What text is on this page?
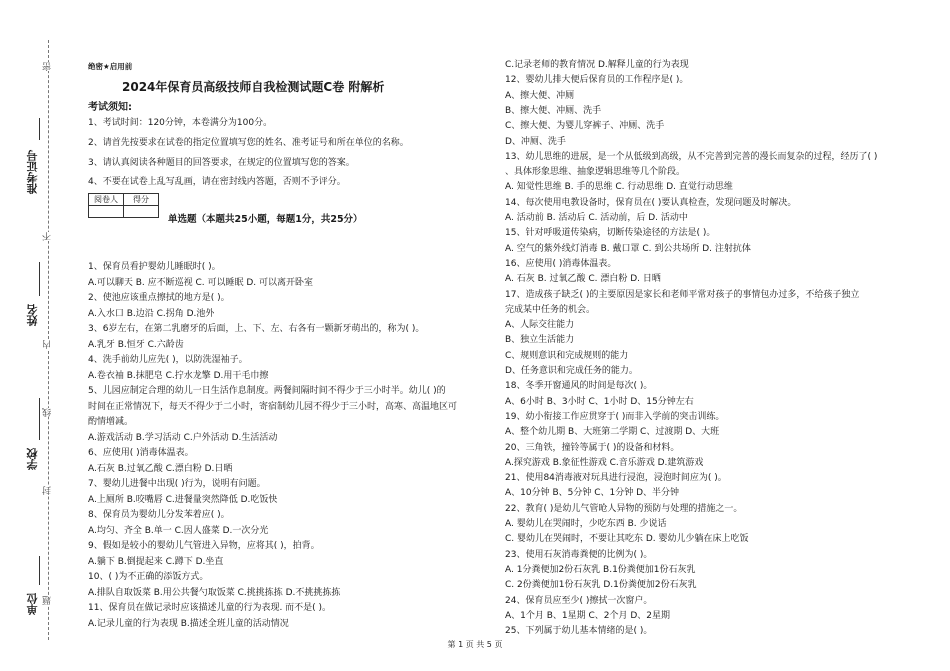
准考证号
姓名
学校
单位
密
不
内
线
封
题
绝密★启用前
2024年保育员高级技师自我检测试题C卷 附解析
考试须知:
1、考试时间：120分钟，本卷满分为100分。
2、请首先按要求在试卷的指定位置填写您的姓名、准考证号和所在单位的名称。
3、请认真阅读各种题目的回答要求，在规定的位置填写您的答案。
4、不要在试卷上乱写乱画，请在密封线内答题，否则不予评分。
阅卷人	得分

单选题（本题共25小题，每题1分，共25分）
1、保育员看护婴幼儿睡眠时( )。
A.可以聊天 B. 应不断巡视 C. 可以睡眠 D. 可以离开卧室
2、使池应该重点擦拭的地方是( )。
A.入水口 B.边沿 C.拐角 D.池外
3、6岁左右，在第二乳磨牙的后面，上、下、左、右各有一颗新牙萌出的，称为( )。
A.乳牙 B.恒牙 C.六龄齿
4、洗手前幼儿应先( )，以防洗湿袖子。
A.卷衣袖 B.抹肥皂 C.拧水龙擎 D.用干毛巾擦
5、儿园应制定合理的幼儿一日生活作息制度。两餐间隔时间不得少于三小时半。幼儿( )的
时间在正常情况下，每天不得少于二小时，寄宿制幼儿园不得少于三小时，高寒、高温地区可
酌情增减。
A.游戏活动 B.学习活动 C.户外活动 D.生活活动
6、应使用( )消毒体温表。
A.石灰 B.过氧乙酸 C.漂白粉 D.日晒
7、婴幼儿进餐中出现( )行为，说明有问题。
A.上厕所 B.咬嘴唇 C.进餐量突然降低 D.吃饭快
8、保育员为婴幼儿分发苯着应( )。
A.均匀、齐全 B.单一 C.因人盛菜 D.一次分光
9、假如是较小的婴幼儿气管进入异物，应将其( )，拍背。
A.躺下 B.倒提起来 C.蹲下 D.坐直
10、( )为不正确的添饭方式。
A.排队自取饭菜 B.用公共餐勺取饭菜 C.挑挑拣拣 D.不挑挑拣拣
11、保育员在做记录时应该描述儿童的行为表现. 而不是( )。
A.记录儿童的行为表现 B.描述全班儿童的活动情况
C.记录老师的教育情况 D.解释儿童的行为表现
12、婴幼儿排大便后保育员的工作程序是( )。
A、擦大便、冲厕
B、擦大便、冲厕、洗手
C、擦大便、为婴儿穿裤子、冲厕、洗手
D、冲厕、洗手
13、幼儿思维的进展，是一个从低级到高级，从不完善到完善的漫长而复杂的过程，经历了( )
、具体形象思维、抽象逻辑思维等几个阶段。
A. 知觉性思维 B. 手的思维 C. 行动思维 D. 直觉行动思维
14、每次使用电教设备时，保育员在( )要认真检查，发现问题及时解决。
A. 活动前 B. 活动后 C. 活动前，后 D. 活动中
15、针对呼吸道传染病，切断传染途径的方法是( )。
A. 空气的紫外线灯消毒 B. 戴口罩 C. 到公共场所 D. 注射抗体
16、应使用( )消毒体温表。
A. 石灰 B. 过氧乙酸 C. 漂白粉 D. 日晒
17、造成孩子缺乏( )的主要原因是家长和老师平常对孩子的事情包办过多，不给孩子独立
完成某中任务的机会。
A、人际交往能力
B、独立生活能力
C、规则意识和完成规则的能力
D、任务意识和完成任务的能力。
18、冬季开窗通风的时间是每次( )。
A、6小时 B、3小时 C、1小时 D、15分钟左右
19、幼小衔接工作应贯穿于( )而非入学前的突击训练。
A、整个幼儿期 B、大班第二学期 C、过渡期 D、大班
20、三角铁，撞铃等属于( )的设备和材料。
A.探究游戏 B.象征性游戏 C.音乐游戏 D.建筑游戏
21、使用84消毒液对玩具进行浸泡，浸泡时间应为( )。
A、10分钟 B、5分钟 C、1分钟 D、半分钟
22、教育( )是幼儿气管呛人异物的预防与处理的措施之一。
A. 婴幼儿在哭闹时，少吃东西 B. 少说话
C. 婴幼儿在哭闹时，不要让其吃东 D. 婴幼儿少躺在床上吃饭
23、使用石灰消毒粪便的比例为( )。
A. 1分粪便加2份石灰乳 B.1份粪便加1份石灰乳
C. 2份粪便加1份石灰乳 D.1份粪便加2份石灰乳
24、保育员应至少( )擦拭一次窗户。
A、1个月 B、1星期 C、2个月 D、2星期
25、下列属于幼儿基本情绪的是( )。
第 1 页 共 5 页
